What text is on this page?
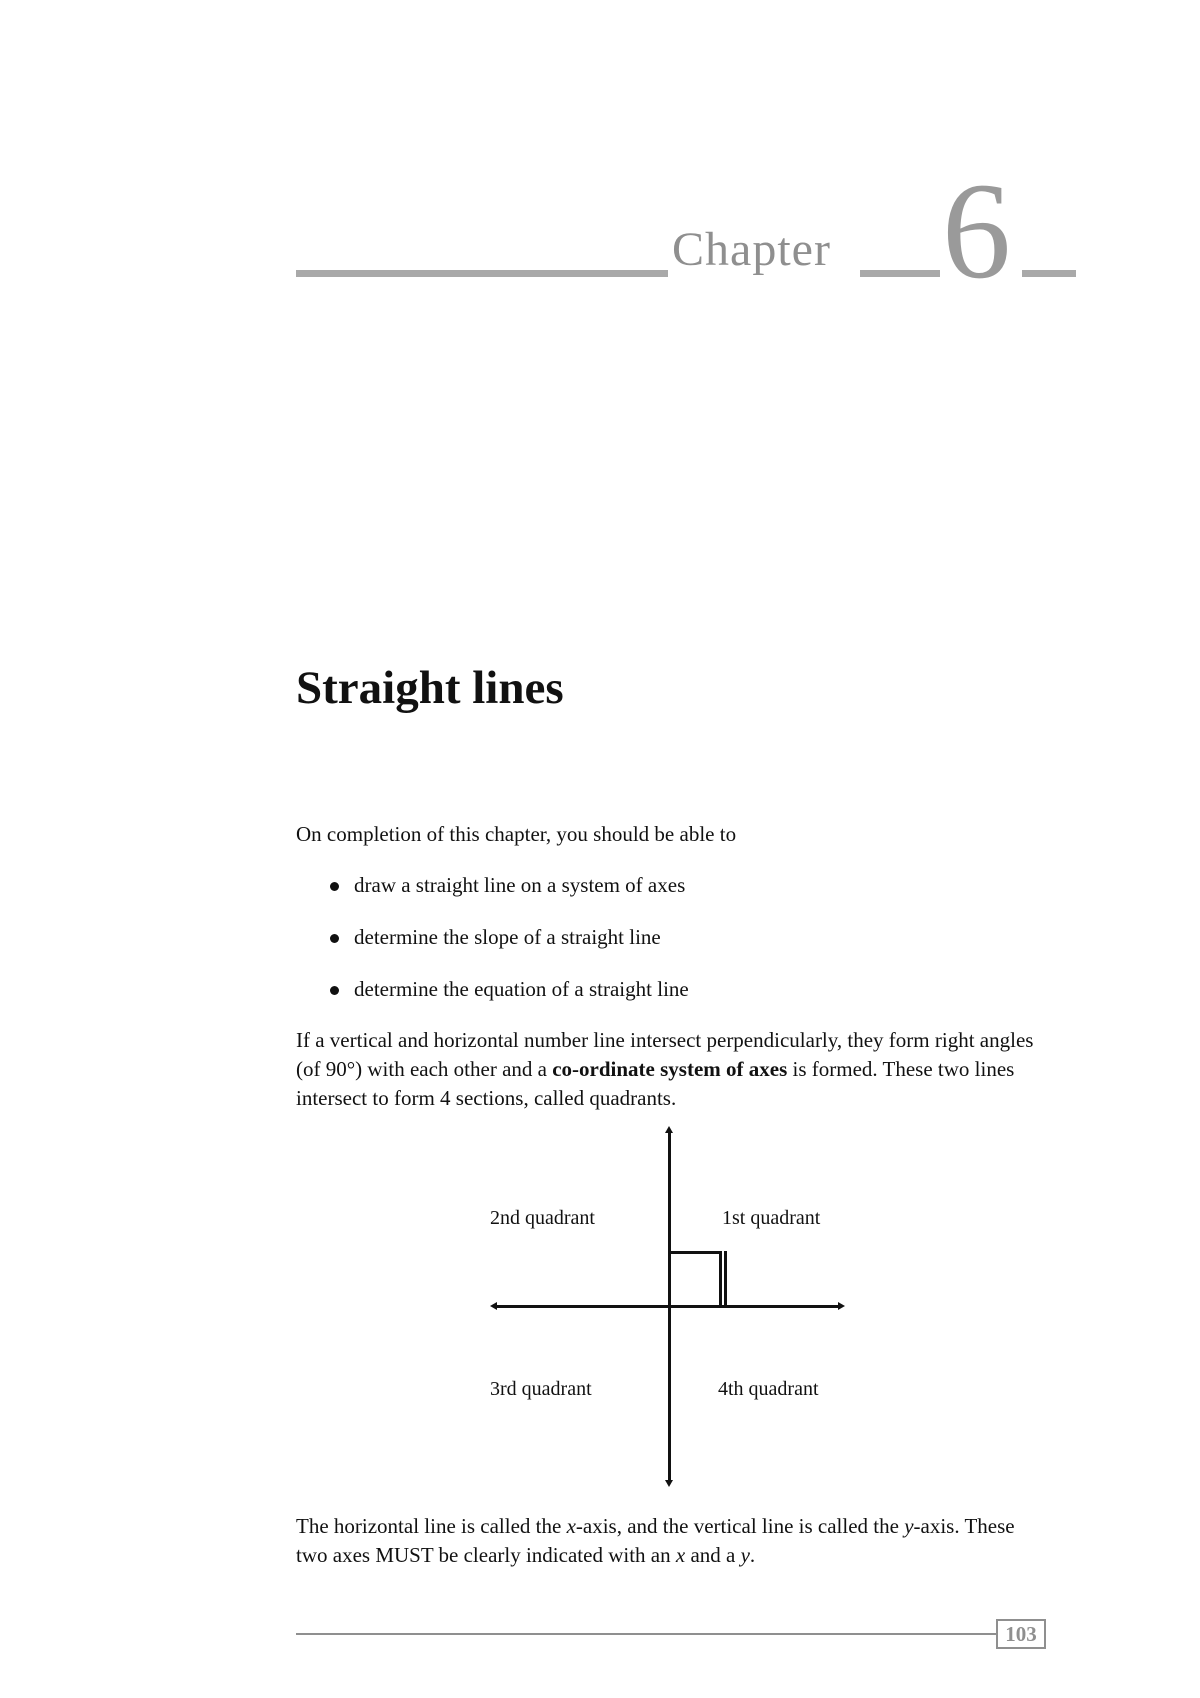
Chapter 6
Straight lines

On completion of this chapter, you should be able to

draw a straight line on a system of axes
determine the slope of a straight line
determine the equation of a straight line

If a vertical and horizontal number line intersect perpendicularly, they form right angles (of 90°) with each other and a co-ordinate system of axes is formed. These two lines intersect to form 4 sections, called quadrants.

2nd quadrant	1st quadrant
3rd quadrant	4th quadrant

The horizontal line is called the x-axis, and the vertical line is called the y-axis. These two axes MUST be clearly indicated with an x and a y.

103
